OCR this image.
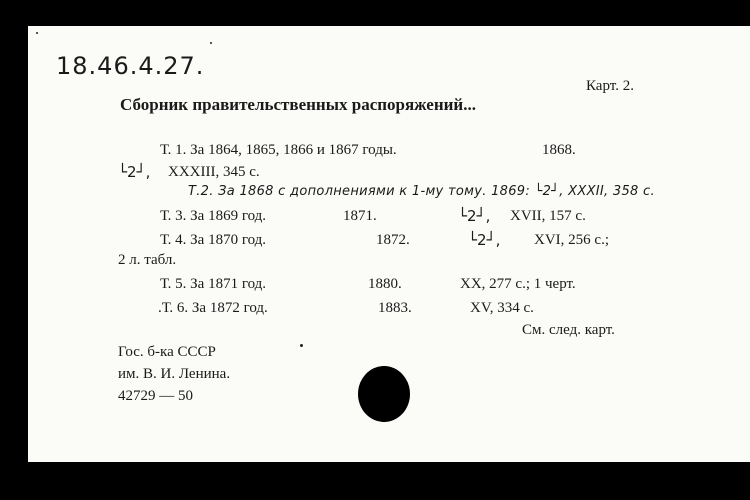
18.46.4.27.
Карт. 2.
Сборник правительственных распоряжений...
Т. 1. За 1864, 1865, 1866 и 1867 годы.	1868.
└2┘, XXXIII, 345 с.
Т.2. За 1868 с дополнениями к 1-му тому. 1869: └2┘, XXXII, 358 с.
Т. 3. За 1869 год.	1871.	└2┘, XVII, 157 с.
Т. 4. За 1870 год.	1872.	└2┘, XVI, 256 с.;
2 л. табл.
Т. 5. За 1871 год.	1880.	XX, 277 с.; 1 черт.
.Т. 6. За 1872 год.	1883.	XV, 334 с.
См. след. карт.
Гос. б-ка СССР
им. В. И. Ленина.
42729 — 50
